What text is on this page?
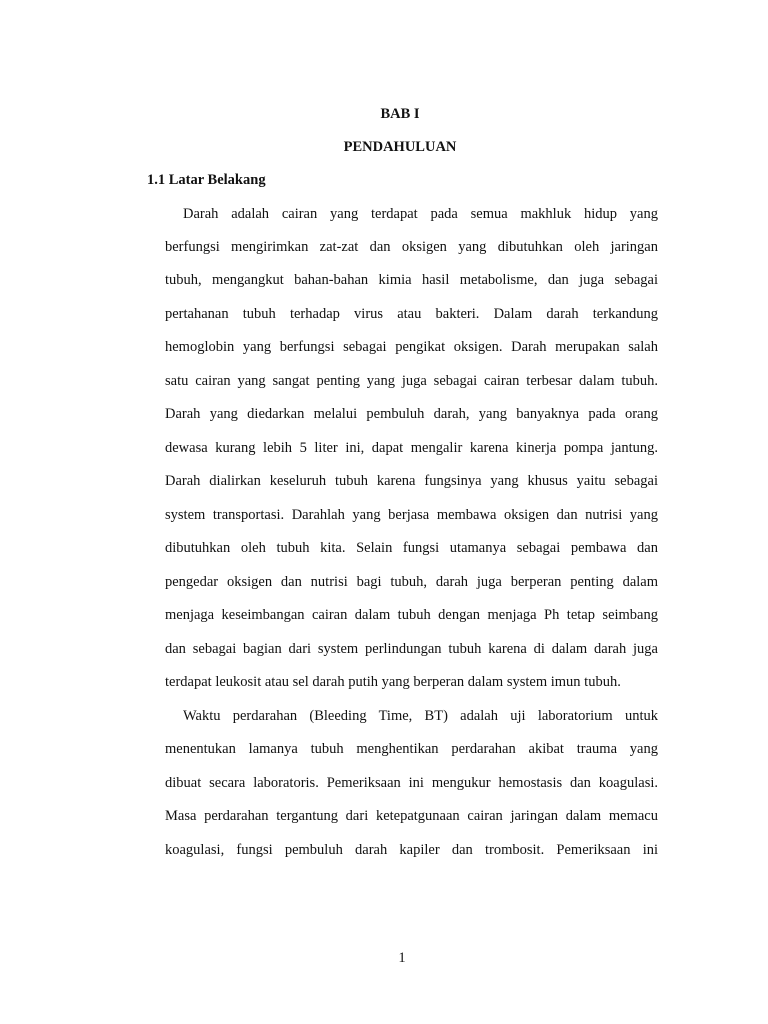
BAB I
PENDAHULUAN
1.1 Latar Belakang
Darah adalah cairan yang terdapat pada semua makhluk hidup yang
berfungsi mengirimkan zat-zat dan oksigen yang dibutuhkan oleh jaringan
tubuh, mengangkut bahan-bahan kimia hasil metabolisme, dan juga sebagai
pertahanan tubuh terhadap virus atau bakteri. Dalam darah terkandung
hemoglobin yang berfungsi sebagai pengikat oksigen. Darah merupakan salah
satu cairan yang sangat penting yang juga sebagai cairan terbesar dalam tubuh.
Darah yang diedarkan melalui pembuluh darah, yang banyaknya pada orang
dewasa kurang lebih 5 liter ini, dapat mengalir karena kinerja pompa jantung.
Darah dialirkan keseluruh tubuh karena fungsinya yang khusus yaitu sebagai
system transportasi. Darahlah yang berjasa membawa oksigen dan nutrisi yang
dibutuhkan oleh tubuh kita. Selain fungsi utamanya sebagai pembawa dan
pengedar oksigen dan nutrisi bagi tubuh, darah juga berperan penting dalam
menjaga keseimbangan cairan dalam tubuh dengan menjaga Ph tetap seimbang
dan sebagai bagian dari system perlindungan tubuh karena di dalam darah juga
terdapat leukosit atau sel darah putih yang berperan dalam system imun tubuh.
Waktu perdarahan (Bleeding Time, BT) adalah uji laboratorium untuk
menentukan lamanya tubuh menghentikan perdarahan akibat trauma yang
dibuat secara laboratoris. Pemeriksaan ini mengukur hemostasis dan koagulasi.
Masa perdarahan tergantung dari ketepatgunaan cairan jaringan dalam memacu
koagulasi, fungsi pembuluh darah kapiler dan trombosit. Pemeriksaan ini
1
